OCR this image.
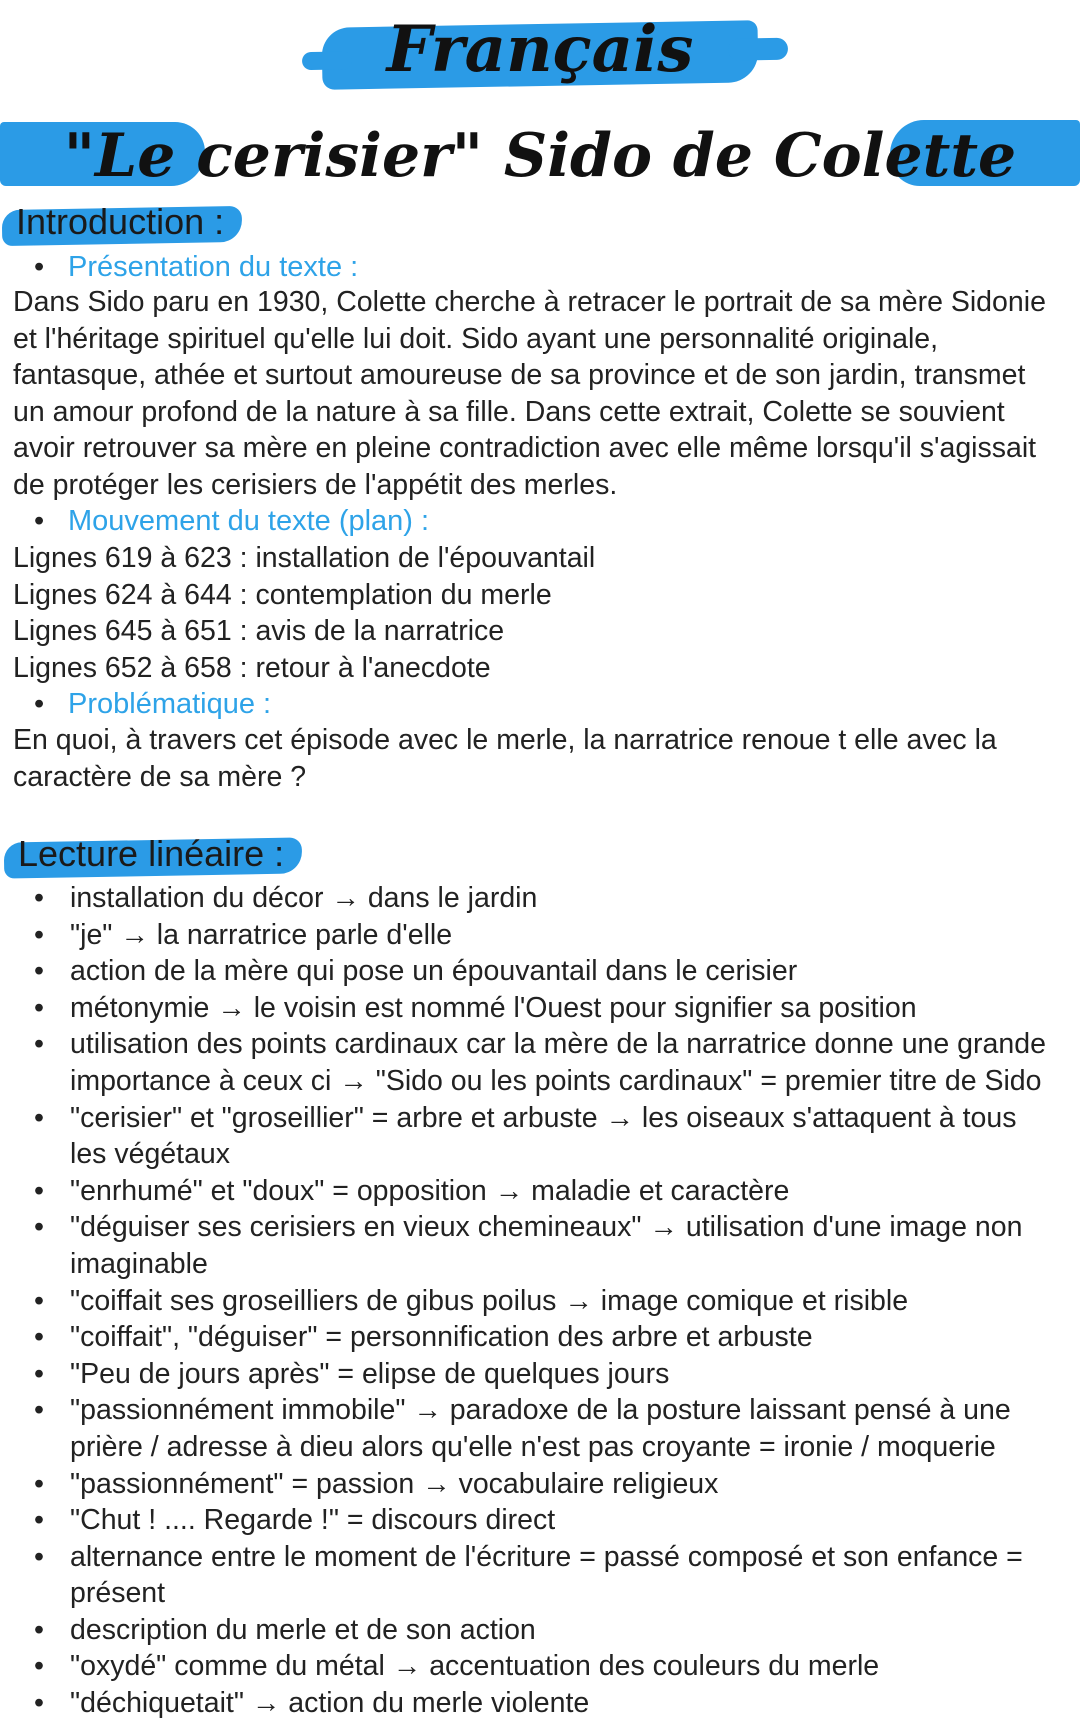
Français
"Le cerisier" Sido de Colette
Introduction :
• Présentation du texte :

Dans Sido paru en 1930, Colette cherche à retracer le portrait de sa mère Sidonie et l'héritage spirituel qu'elle lui doit. Sido ayant une personnalité originale, fantasque, athée et surtout amoureuse de sa province et de son jardin, transmet un amour profond de la nature à sa fille. Dans cette extrait, Colette se souvient avoir retrouver sa mère en pleine contradiction avec elle même lorsqu'il s'agissait de protéger les cerisiers de l'appétit des merles.

• Mouvement du texte (plan) :
Lignes 619 à 623 : installation de l'épouvantail
Lignes 624 à 644 : contemplation du merle
Lignes 645 à 651 : avis de la narratrice
Lignes 652 à 658 : retour à l'anecdote
• Problématique :

En quoi, à travers cet épisode avec le merle, la narratrice renoue t elle avec la caractère de sa mère ?

Lecture linéaire :
• installation du décor → dans le jardin
• "je" → la narratrice parle d'elle
• action de la mère qui pose un épouvantail dans le cerisier
• métonymie → le voisin est nommé l'Ouest pour signifier sa position
• utilisation des points cardinaux car la mère de la narratrice donne une grande importance à ceux ci → "Sido ou les points cardinaux" = premier titre de Sido
• "cerisier" et "groseillier" = arbre et arbuste → les oiseaux s'attaquent à tous les végétaux
• "enrhumé" et "doux" = opposition → maladie et caractère
• "déguiser ses cerisiers en vieux chemineaux" → utilisation d'une image non imaginable
• "coiffait ses groseilliers de gibus poilus → image comique et risible
• "coiffait", "déguiser" = personnification des arbre et arbuste
• "Peu de jours après" = elipse de quelques jours
• "passionnément immobile" → paradoxe de la posture laissant pensé à une prière / adresse à dieu alors qu'elle n'est pas croyante = ironie / moquerie
• "passionnément" = passion → vocabulaire religieux
• "Chut ! .... Regarde !" = discours direct
• alternance entre le moment de l'écriture = passé composé et son enfance = présent
• description du merle et de son action
• "oxydé" comme du métal → accentuation des couleurs du merle
• "déchiquetait" → action du merle violente
